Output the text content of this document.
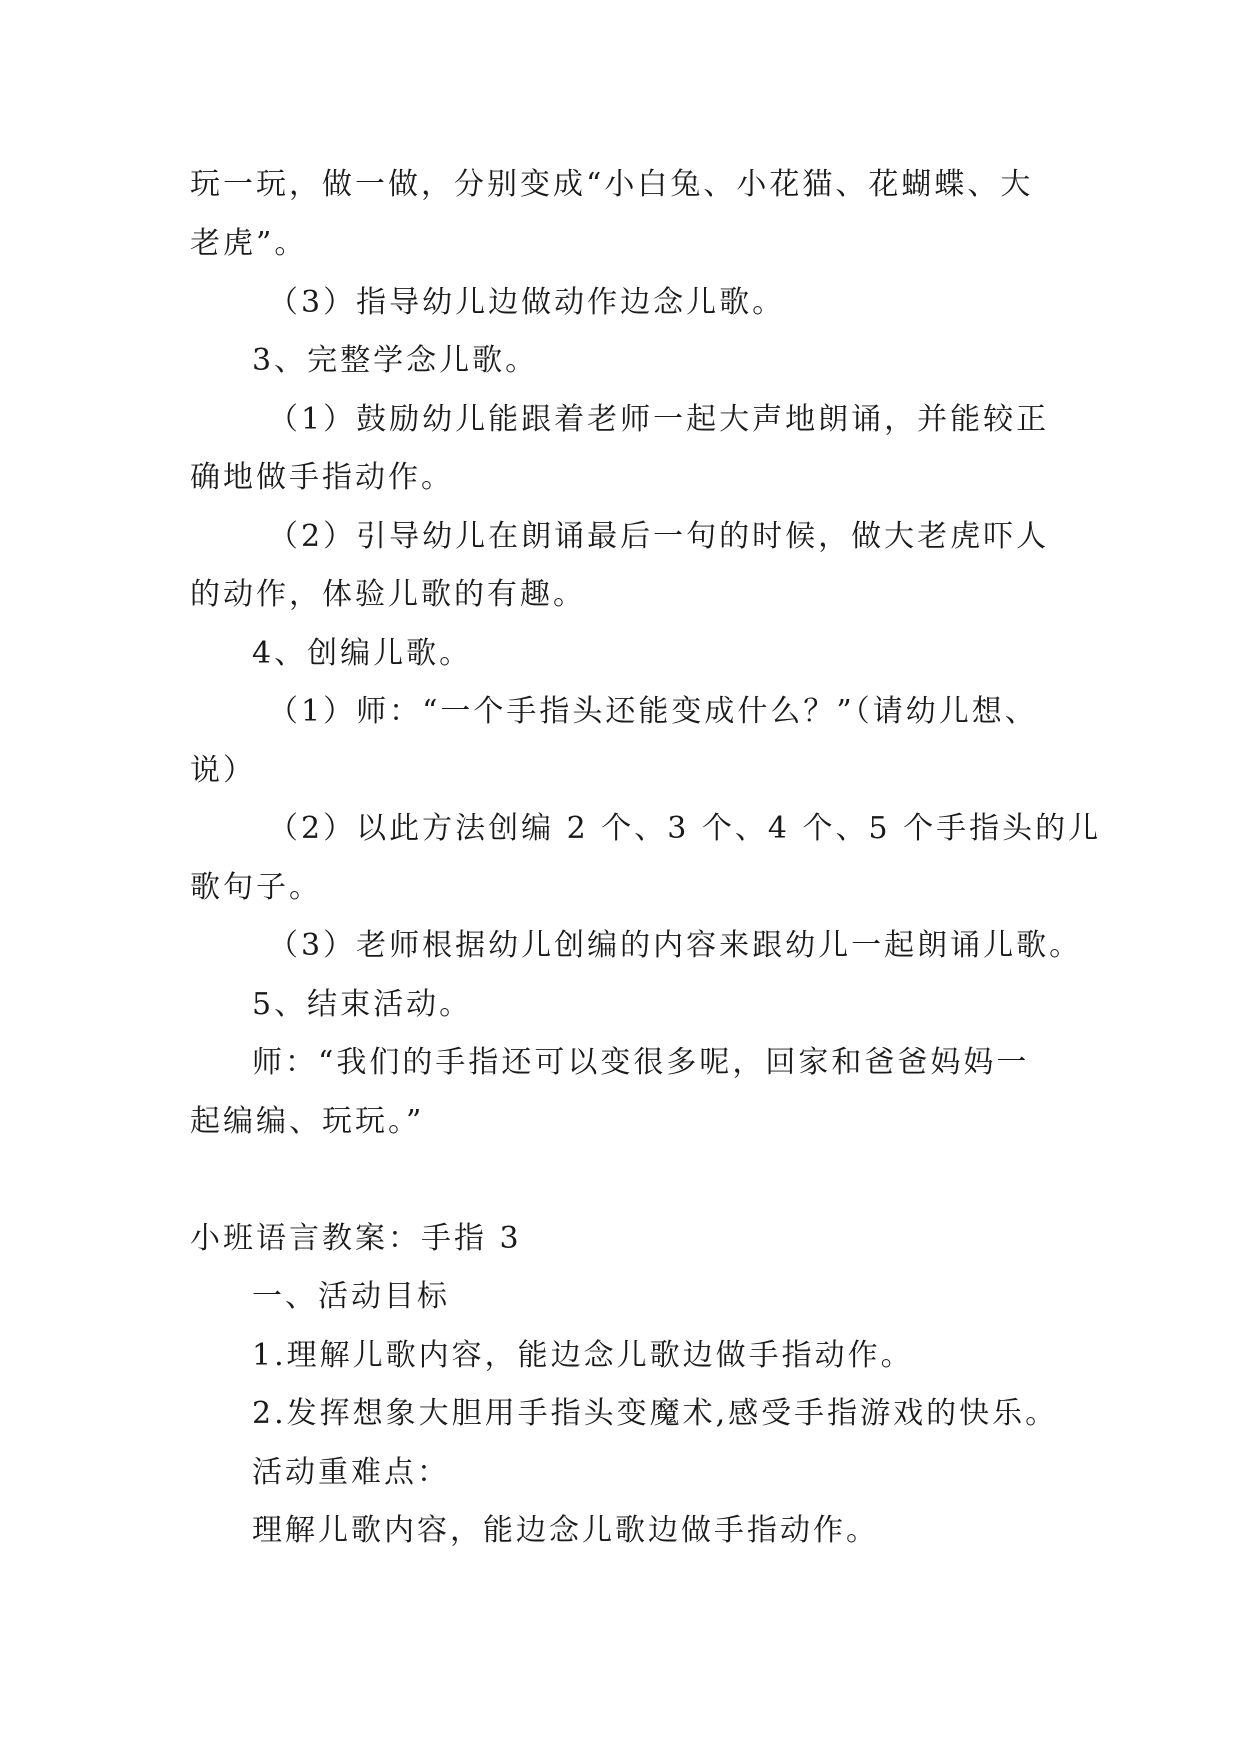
玩一玩，做一做，分别变成“小白兔、小花猫、花蝴蝶、大
老虎”。
（3）指导幼儿边做动作边念儿歌。
3、完整学念儿歌。
（1）鼓励幼儿能跟着老师一起大声地朗诵，并能较正
确地做手指动作。
（2）引导幼儿在朗诵最后一句的时候，做大老虎吓人
的动作，体验儿歌的有趣。
4、创编儿歌。
（1）师：“一个手指头还能变成什么？”（请幼儿想、
说）
（2）以此方法创编 2 个、3 个、4 个、5 个手指头的儿
歌句子。
（3）老师根据幼儿创编的内容来跟幼儿一起朗诵儿歌。
5、结束活动。
师：“我们的手指还可以变很多呢，回家和爸爸妈妈一
起编编、玩玩。”
小班语言教案：手指 3
一、活动目标
1.理解儿歌内容，能边念儿歌边做手指动作。
2.发挥想象大胆用手指头变魔术,感受手指游戏的快乐。
活动重难点：
理解儿歌内容，能边念儿歌边做手指动作。
